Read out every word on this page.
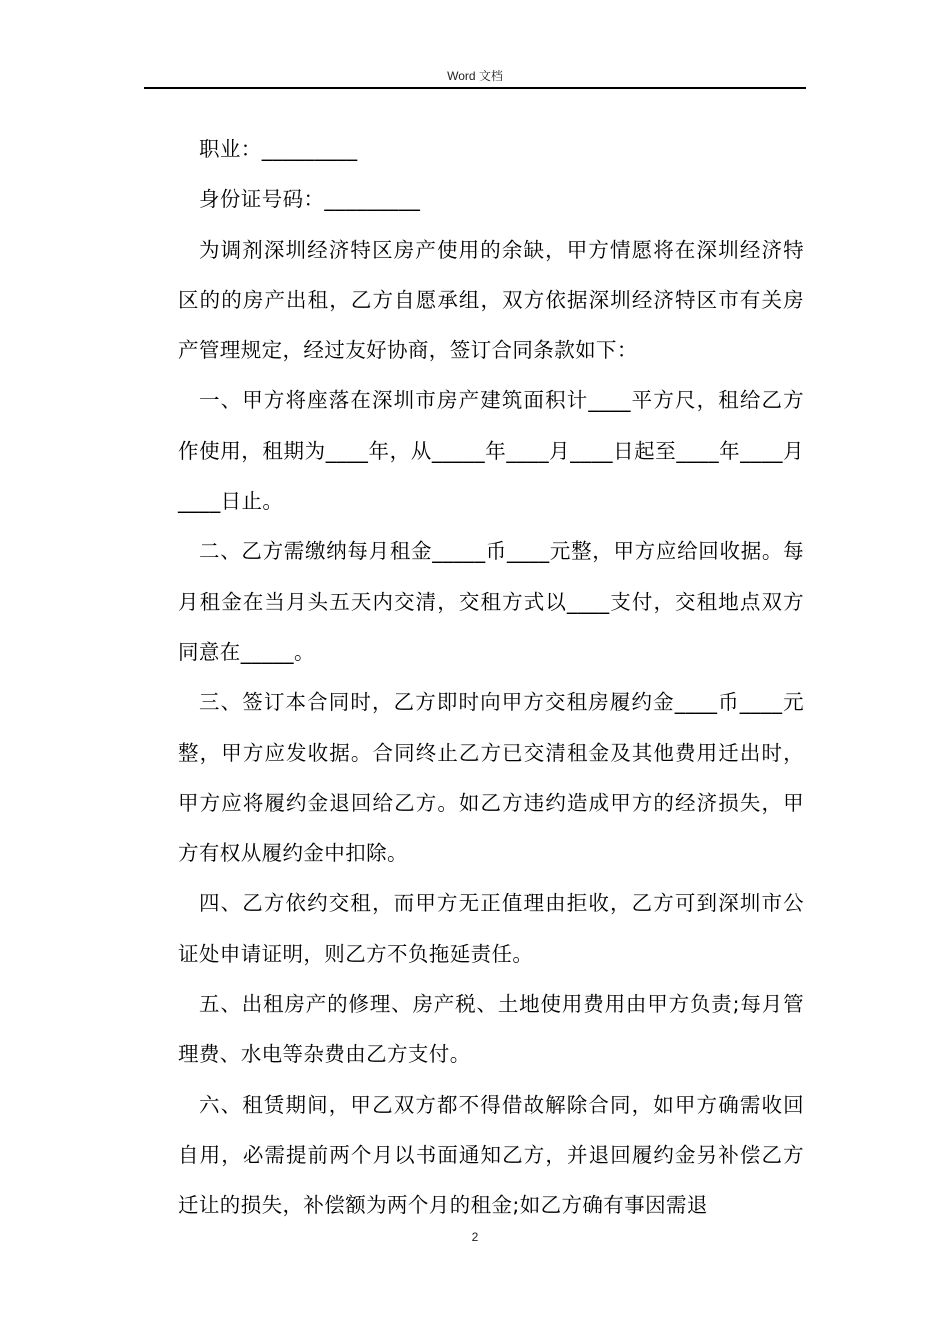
Word 文档

职业：_________

身份证号码：_________

为调剂深圳经济特区房产使用的余缺，甲方情愿将在深圳经济特区的的房产出租，乙方自愿承组，双方依据深圳经济特区市有关房产管理规定，经过友好协商，签订合同条款如下：

一、甲方将座落在深圳市房产建筑面积计____平方尺，租给乙方作使用，租期为____年，从_____年____月____日起至____年____月____日止。

二、乙方需缴纳每月租金_____币____元整，甲方应给回收据。每月租金在当月头五天内交清，交租方式以____支付，交租地点双方同意在_____。

三、签订本合同时，乙方即时向甲方交租房履约金____币____元整，甲方应发收据。合同终止乙方已交清租金及其他费用迁出时，甲方应将履约金退回给乙方。如乙方违约造成甲方的经济损失，甲方有权从履约金中扣除。

四、乙方依约交租，而甲方无正值理由拒收，乙方可到深圳市公证处申请证明，则乙方不负拖延责任。

五、出租房产的修理、房产税、土地使用费用由甲方负责;每月管理费、水电等杂费由乙方支付。

六、租赁期间，甲乙双方都不得借故解除合同，如甲方确需收回自用，必需提前两个月以书面通知乙方，并退回履约金另补偿乙方迁让的损失，补偿额为两个月的租金;如乙方确有事因需退

2
